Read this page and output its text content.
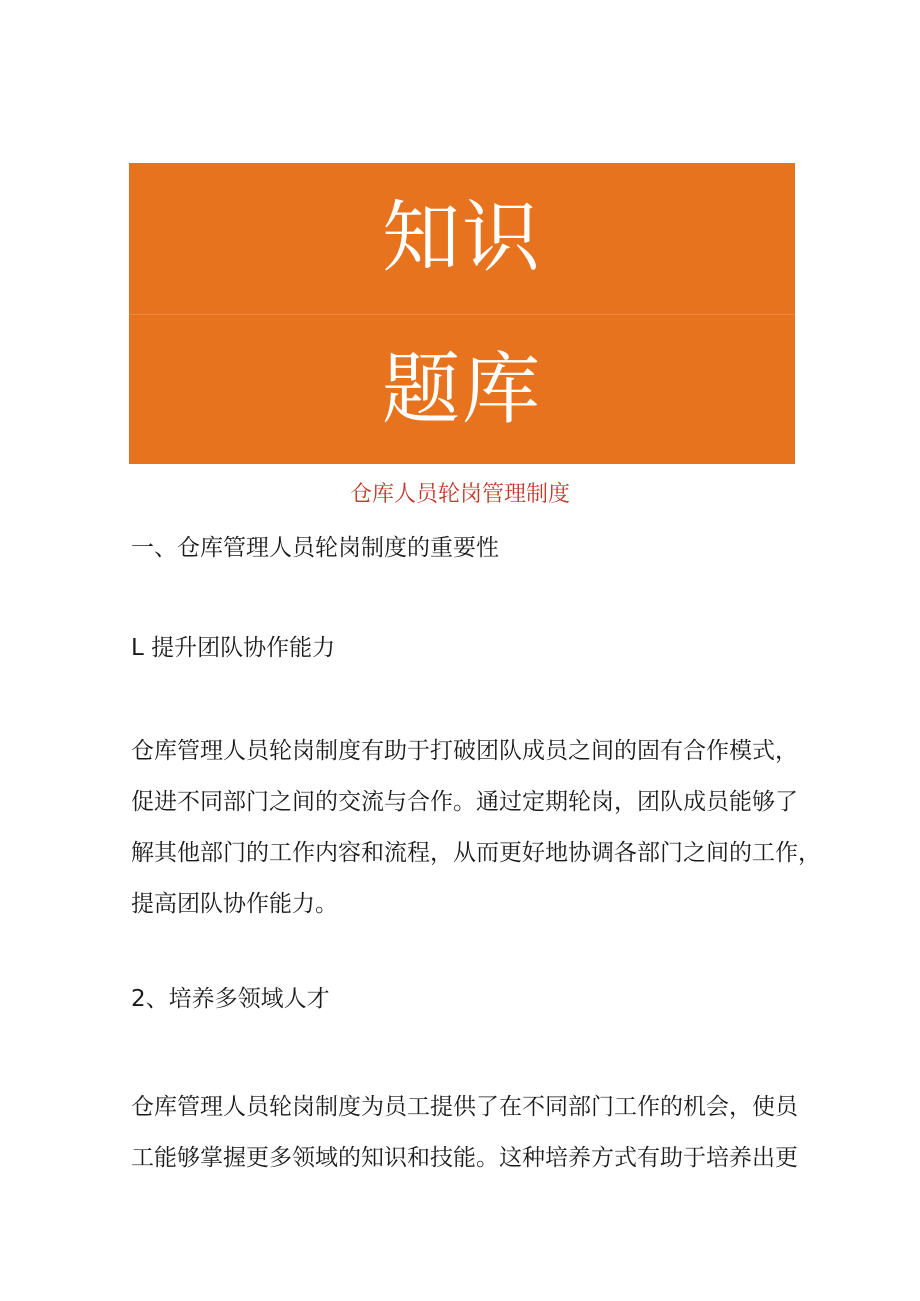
知识
题库
仓库人员轮岗管理制度
一、仓库管理人员轮岗制度的重要性
L 提升团队协作能力
仓库管理人员轮岗制度有助于打破团队成员之间的固有合作模式，
促进不同部门之间的交流与合作。通过定期轮岗，团队成员能够了
解其他部门的工作内容和流程，从而更好地协调各部门之间的工作，
提高团队协作能力。
2、培养多领域人才
仓库管理人员轮岗制度为员工提供了在不同部门工作的机会，使员
工能够掌握更多领域的知识和技能。这种培养方式有助于培养出更
